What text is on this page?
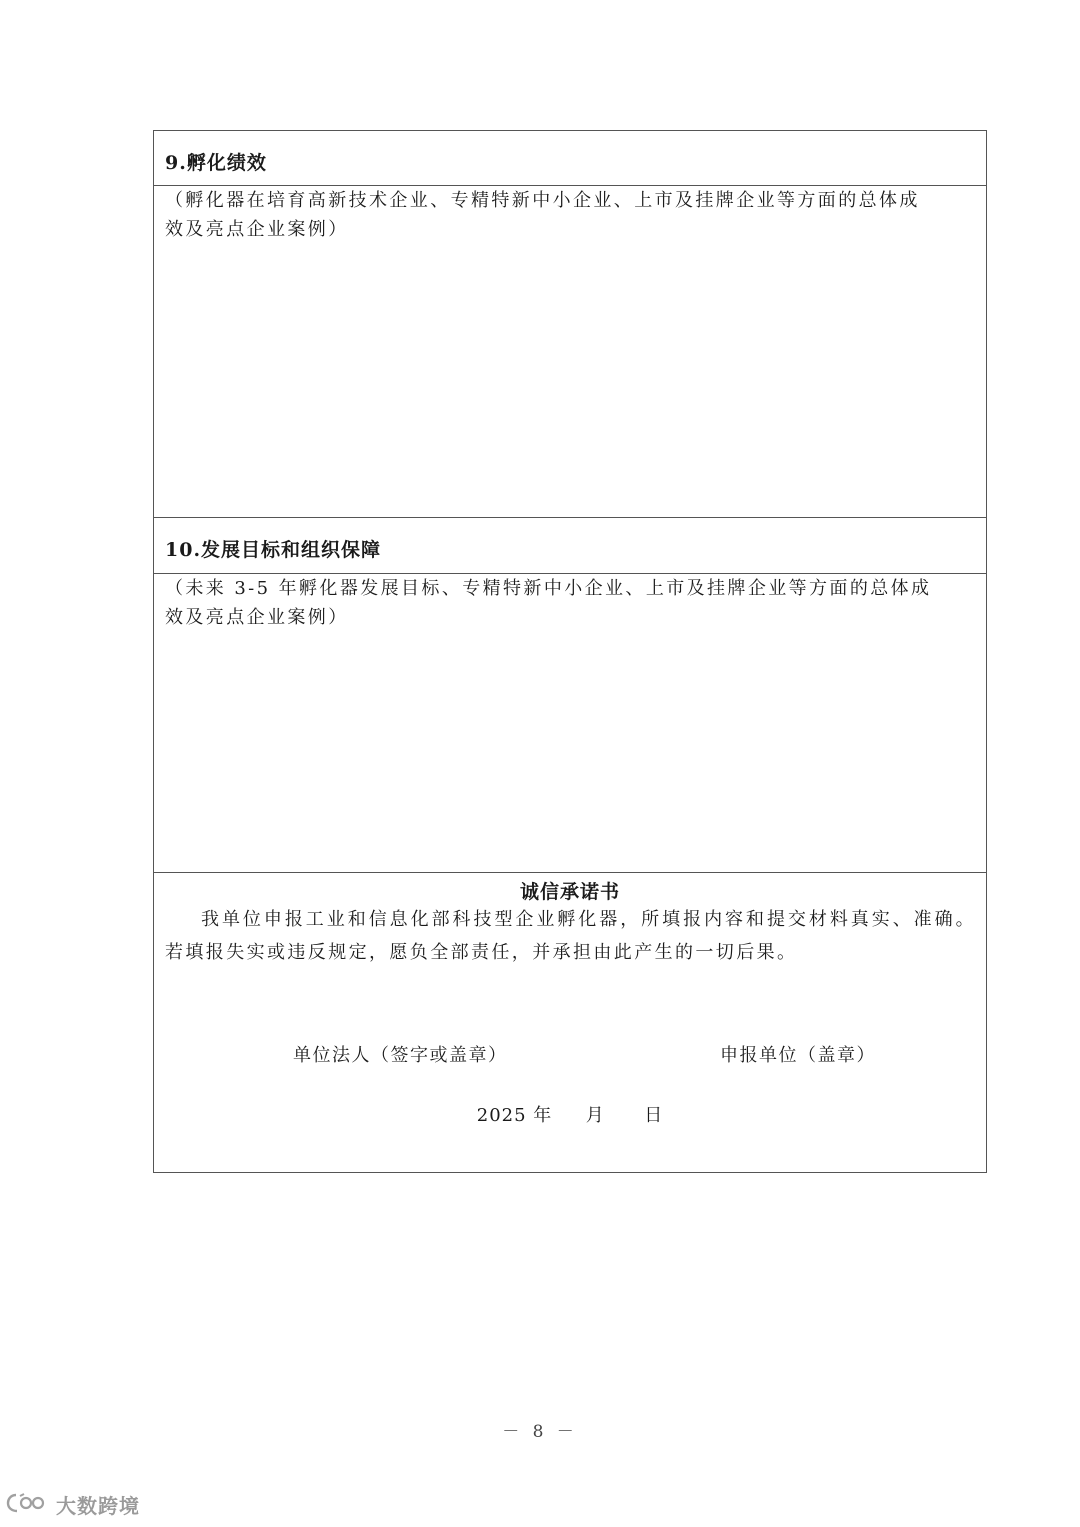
9.孵化绩效
（孵化器在培育高新技术企业、专精特新中小企业、上市及挂牌企业等方面的总体成
效及亮点企业案例）
10.发展目标和组织保障
（未来 3-5 年孵化器发展目标、专精特新中小企业、上市及挂牌企业等方面的总体成
效及亮点企业案例）
诚信承诺书
我单位申报工业和信息化部科技型企业孵化器，所填报内容和提交材料真实、准确。若填报失实或违反规定，愿负全部责任，并承担由此产生的一切后果。
单位法人（签字或盖章）	申报单位（盖章）
2025 年 月 日
－ 8 －
大数跨境
